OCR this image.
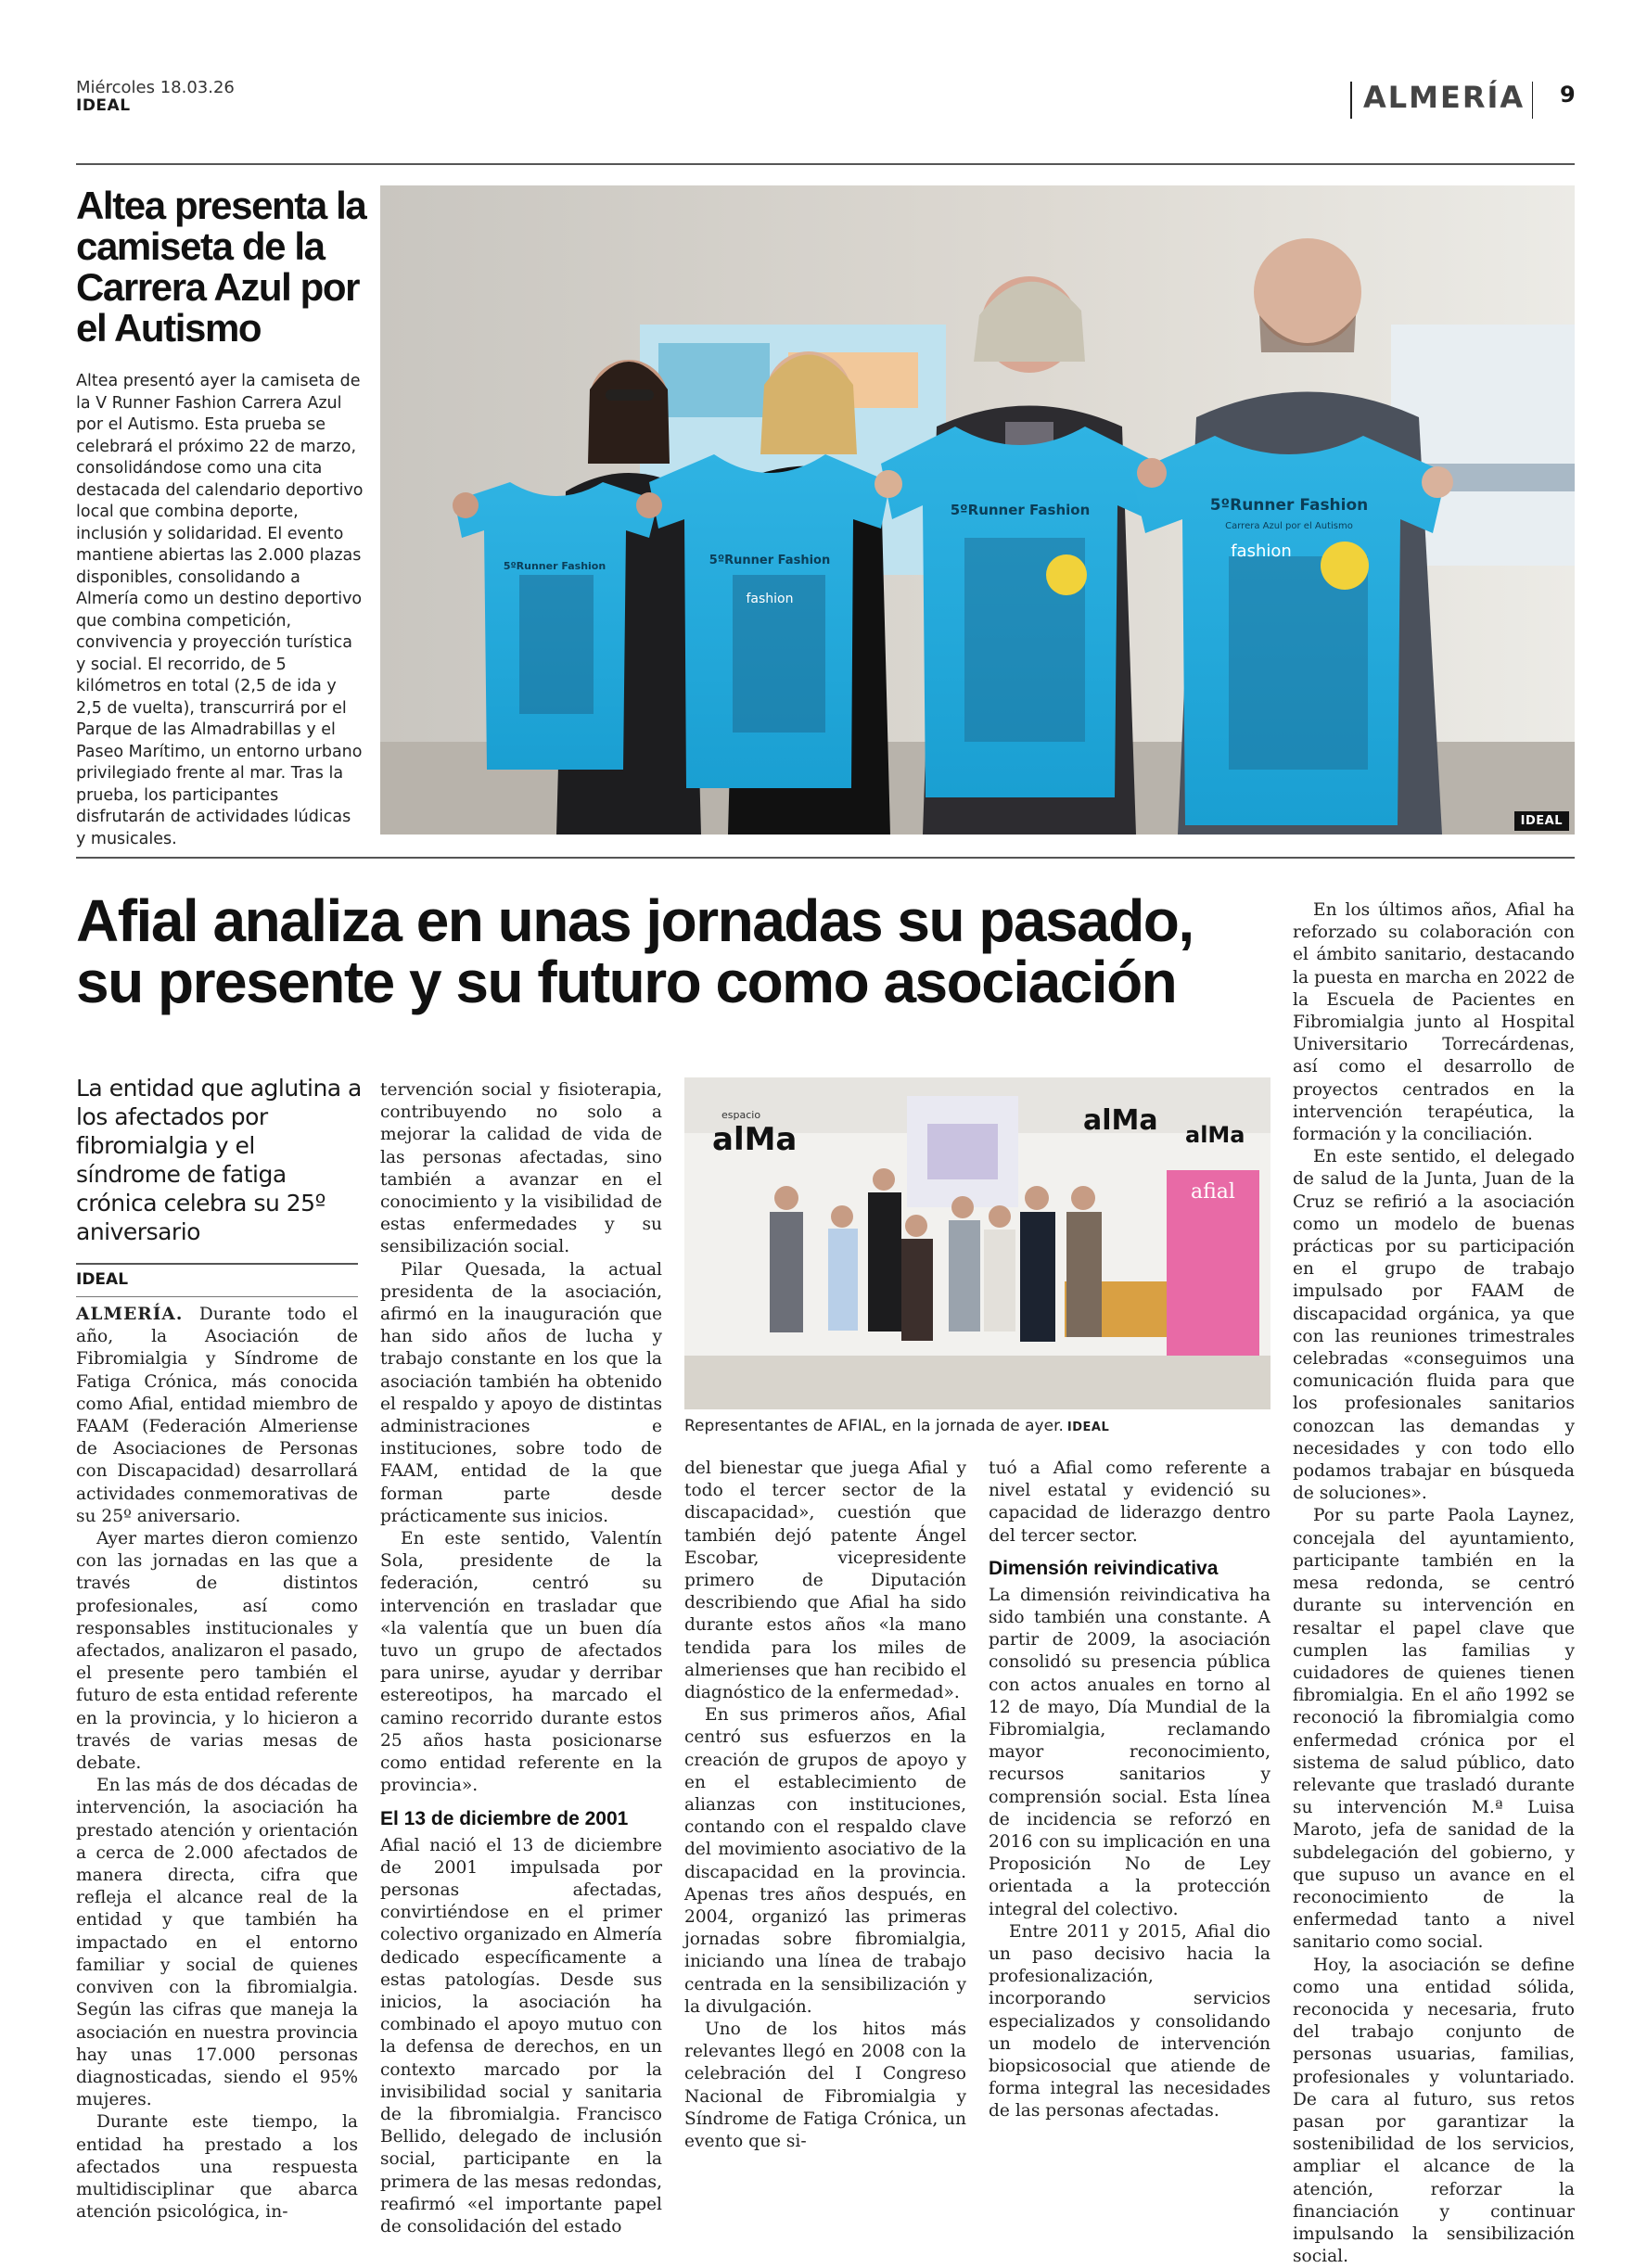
Miércoles 18.03.26
IDEAL	ALMERÍA 9
Altea presenta la camiseta de la Carrera Azul por el Autismo
Altea presentó ayer la camiseta de la V Runner Fashion Carrera Azul por el Autismo. Esta prueba se celebrará el próximo 22 de marzo, consolidándose como una cita destacada del calendario deportivo local que combina deporte, inclusión y solidaridad. El evento mantiene abiertas las 2.000 plazas disponibles, consolidando a Almería como un destino deportivo que combina competición, convivencia y proyección turística y social. El recorrido, de 5 kilómetros en total (2,5 de ida y 2,5 de vuelta), transcurrirá por el Parque de las Almadrabillas y el Paseo Marítimo, un entorno urbano privilegiado frente al mar. Tras la prueba, los participantes disfrutarán de actividades lúdicas y musicales.
5ºRunner Fashion	5ºRunner Fashion
fashion
5ºRunner Fashion	5ºRunner Fashion
Carrera Azul por el Autismo
fashion
IDEAL
Afial analiza en unas jornadas su pasado, su presente y su futuro como asociación
La entidad que aglutina a los afectados por fibromialgia y el síndrome de fatiga crónica celebra su 25º aniversario
IDEAL

ALMERÍA. Durante todo el año, la Asociación de Fibromialgia y Síndrome de Fatiga Crónica, más conocida como Afial, entidad miembro de FAAM (Federación Almeriense de Asociaciones de Personas con Discapacidad) desarrollará actividades conmemorativas de su 25º aniversario.

Ayer martes dieron comienzo con las jornadas en las que a través de distintos profesionales, así como responsables institucionales y afectados, analizaron el pasado, el presente pero también el futuro de esta entidad referente en la provincia, y lo hicieron a través de varias mesas de debate.

En las más de dos décadas de intervención, la asociación ha prestado atención y orientación a cerca de 2.000 afectados de manera directa, cifra que refleja el alcance real de la entidad y que también ha impactado en el entorno familiar y social de quienes conviven con la fibromialgia. Según las cifras que maneja la asociación en nuestra provincia hay unas 17.000 personas diagnosticadas, siendo el 95% mujeres.

Durante este tiempo, la entidad ha prestado a los afectados una respuesta multidisciplinar que abarca atención psicológica, in-

tervención social y fisioterapia, contribuyendo no solo a mejorar la calidad de vida de las personas afectadas, sino también a avanzar en el conocimiento y la visibilidad de estas enfermedades y su sensibilización social.

Pilar Quesada, la actual presidenta de la asociación, afirmó en la inauguración que han sido años de lucha y trabajo constante en los que la asociación también ha obtenido el respaldo y apoyo de distintas administraciones e instituciones, sobre todo de FAAM, entidad de la que forman parte desde prácticamente sus inicios.

En este sentido, Valentín Sola, presidente de la federación, centró su intervención en trasladar que «la valentía que un buen día tuvo un grupo de afectados para unirse, ayudar y derribar estereotipos, ha marcado el camino recorrido durante estos 25 años hasta posicionarse como entidad referente en la provincia».

El 13 de diciembre de 2001

Afial nació el 13 de diciembre de 2001 impulsada por personas afectadas, convirtiéndose en el primer colectivo organizado en Almería dedicado específicamente a estas patologías. Desde sus inicios, la asociación ha combinado el apoyo mutuo con la defensa de derechos, en un contexto marcado por la invisibilidad social y sanitaria de la fibromialgia. Francisco Bellido, delegado de inclusión social, participante en la primera de las mesas redondas, reafirmó «el importante papel de consolidación del estado

alMa
espacio	alMa alMa
afial
Representantes de AFIAL, en la jornada de ayer. IDEAL

del bienestar que juega Afial y todo el tercer sector de la discapacidad», cuestión que también dejó patente Ángel Escobar, vicepresidente primero de Diputación describiendo que Afial ha sido durante estos años «la mano tendida para los miles de almerienses que han recibido el diagnóstico de la enfermedad».

En sus primeros años, Afial centró sus esfuerzos en la creación de grupos de apoyo y en el establecimiento de alianzas con instituciones, contando con el respaldo clave del movimiento asociativo de la discapacidad en la provincia. Apenas tres años después, en 2004, organizó las primeras jornadas sobre fibromialgia, iniciando una línea de trabajo centrada en la sensibilización y la divulgación.

Uno de los hitos más relevantes llegó en 2008 con la celebración del I Congreso Nacional de Fibromialgia y Síndrome de Fatiga Crónica, un evento que si-

tuó a Afial como referente a nivel estatal y evidenció su capacidad de liderazgo dentro del tercer sector.

Dimensión reivindicativa

La dimensión reivindicativa ha sido también una constante. A partir de 2009, la asociación consolidó su presencia pública con actos anuales en torno al 12 de mayo, Día Mundial de la Fibromialgia, reclamando mayor reconocimiento, recursos sanitarios y comprensión social. Esta línea de incidencia se reforzó en 2016 con su implicación en una Proposición No de Ley orientada a la protección integral del colectivo.

Entre 2011 y 2015, Afial dio un paso decisivo hacia la profesionalización, incorporando servicios especializados y consolidando un modelo de intervención biopsicosocial que atiende de forma integral las necesidades de las personas afectadas.

En los últimos años, Afial ha reforzado su colaboración con el ámbito sanitario, destacando la puesta en marcha en 2022 de la Escuela de Pacientes en Fibromialgia junto al Hospital Universitario Torrecárdenas, así como el desarrollo de proyectos centrados en la intervención terapéutica, la formación y la conciliación.

En este sentido, el delegado de salud de la Junta, Juan de la Cruz se refirió a la asociación como un modelo de buenas prácticas por su participación en el grupo de trabajo impulsado por FAAM de discapacidad orgánica, ya que con las reuniones trimestrales celebradas «conseguimos una comunicación fluida para que los profesionales sanitarios conozcan las demandas y necesidades y con todo ello podamos trabajar en búsqueda de soluciones».

Por su parte Paola Laynez, concejala del ayuntamiento, participante también en la mesa redonda, se centró durante su intervención en resaltar el papel clave que cumplen las familias y cuidadores de quienes tienen fibromialgia. En el año 1992 se reconoció la fibromialgia como enfermedad crónica por el sistema de salud público, dato relevante que trasladó durante su intervención M.ª Luisa Maroto, jefa de sanidad de la subdelegación del gobierno, y que supuso un avance en el reconocimiento de la enfermedad tanto a nivel sanitario como social.

Hoy, la asociación se define como una entidad sólida, reconocida y necesaria, fruto del trabajo conjunto de personas usuarias, familias, profesionales y voluntariado. De cara al futuro, sus retos pasan por garantizar la sostenibilidad de los servicios, ampliar el alcance de la atención, reforzar la financiación y continuar impulsando la sensibilización social.
